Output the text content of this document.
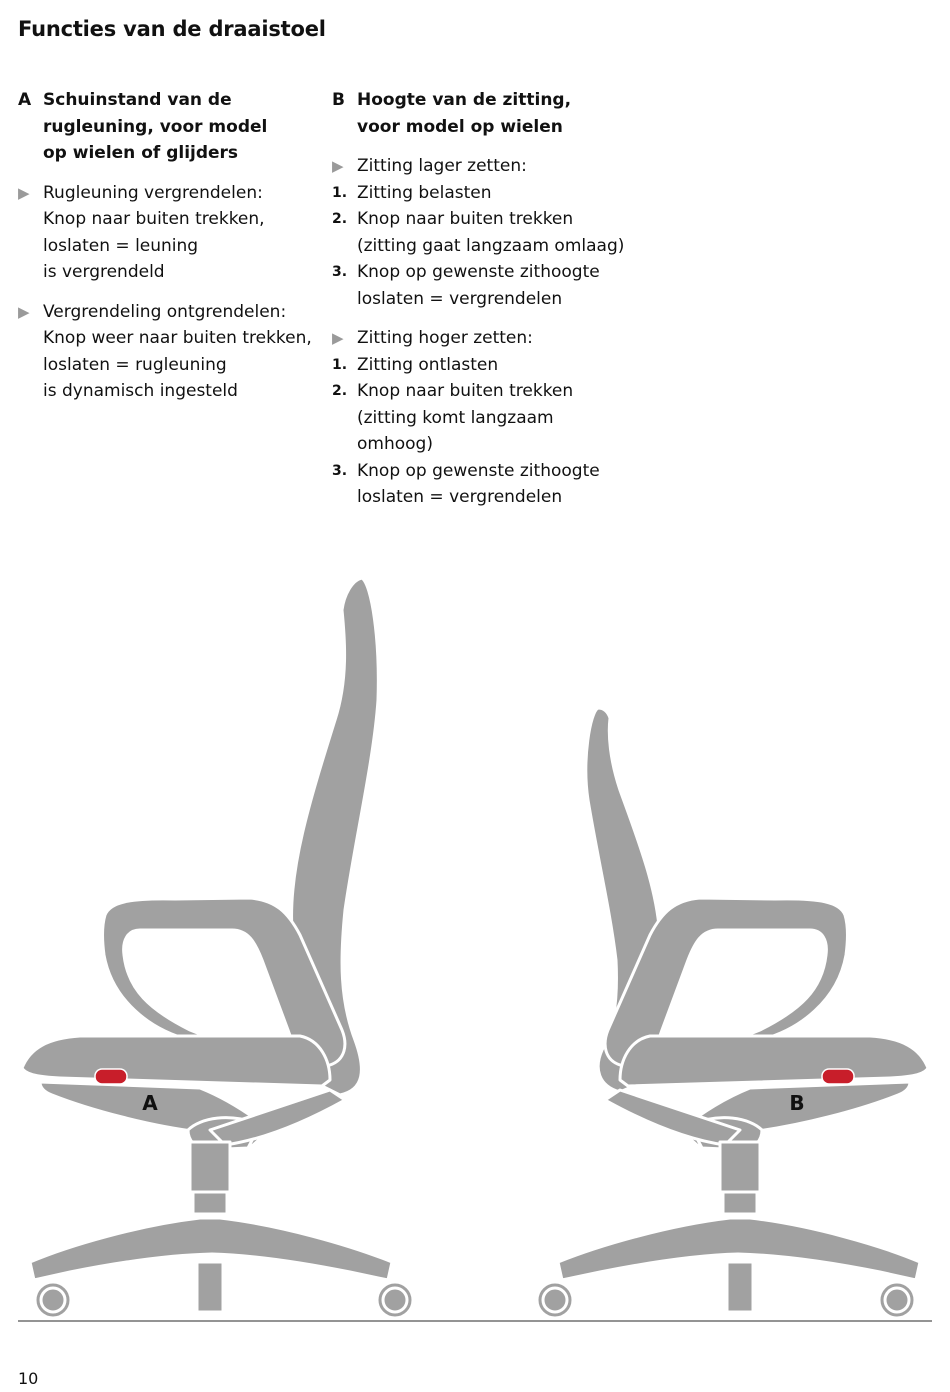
Functies van de draaistoel
A Schuinstand van de
rugleuning, voor model
op wielen of glijders
▶ Rugleuning vergrendelen:
Knop naar buiten trekken,
loslaten = leuning
is vergrendeld
▶ Vergrendeling ontgrendelen:
Knop weer naar buiten trekken,
loslaten = rugleuning
is dynamisch ingesteld
B Hoogte van de zitting,
voor model op wielen
▶ Zitting lager zetten:
1. Zitting belasten
2. Knop naar buiten trekken
(zitting gaat langzaam omlaag)
3. Knop op gewenste zithoogte
loslaten = vergrendelen
▶ Zitting hoger zetten:
1. Zitting ontlasten
2. Knop naar buiten trekken
(zitting komt langzaam omhoog)
3. Knop op gewenste zithoogte
loslaten = vergrendelen
A	B
10
